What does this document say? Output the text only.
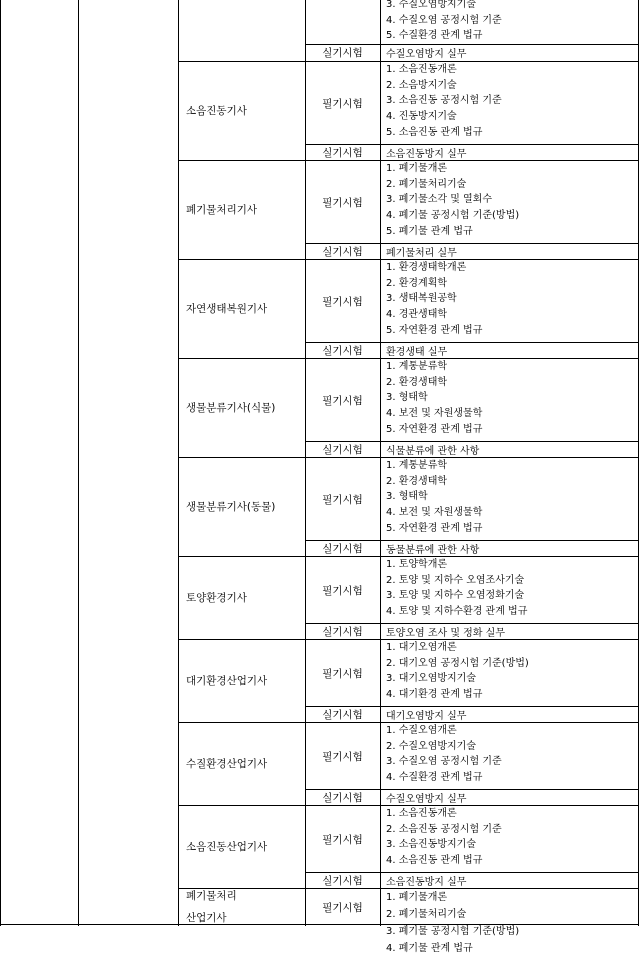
3. 수질오염방지기술
4. 수질오염 공정시험 기준
5. 수질환경 관계 법규
실기시험 수질오염방지 실무
소음진동기사
필기시험
1. 소음진동개론
2. 소음방지기술
3. 소음진동 공정시험 기준
4. 진동방지기술
5. 소음진동 관계 법규
실기시험 소음진동방지 실무
폐기물처리기사
필기시험
1. 폐기물개론
2. 폐기물처리기술
3. 폐기물소각 및 열회수
4. 폐기물 공정시험 기준(방법)
5. 폐기물 관계 법규
실기시험 폐기물처리 실무
자연생태복원기사
필기시험
1. 환경생태학개론
2. 환경계획학
3. 생태복원공학
4. 경관생태학
5. 자연환경 관계 법규
실기시험 환경생태 실무
생물분류기사(식물)
필기시험
1. 계통분류학
2. 환경생태학
3. 형태학
4. 보전 및 자원생물학
5. 자연환경 관계 법규
실기시험 식물분류에 관한 사항
생물분류기사(동물)
필기시험
1. 계통분류학
2. 환경생태학
3. 형태학
4. 보전 및 자원생물학
5. 자연환경 관계 법규
실기시험 동물분류에 관한 사항
토양환경기사
필기시험
1. 토양학개론
2. 토양 및 지하수 오염조사기술
3. 토양 및 지하수 오염정화기술
4. 토양 및 지하수환경 관계 법규
실기시험 토양오염 조사 및 정화 실무
대기환경산업기사
필기시험
1. 대기오염개론
2. 대기오염 공정시험 기준(방법)
3. 대기오염방지기술
4. 대기환경 관계 법규
실기시험 대기오염방지 실무
수질환경산업기사
필기시험
1. 수질오염개론
2. 수질오염방지기술
3. 수질오염 공정시험 기준
4. 수질환경 관계 법규
실기시험 수질오염방지 실무
소음진동산업기사
필기시험
1. 소음진동개론
2. 소음진동 공정시험 기준
3. 소음진동방지기술
4. 소음진동 관계 법규
실기시험 소음진동방지 실무
폐기물처리
산업기사
필기시험
1. 폐기물개론
2. 폐기물처리기술
3. 폐기물 공정시험 기준(방법)
4. 폐기물 관계 법규
